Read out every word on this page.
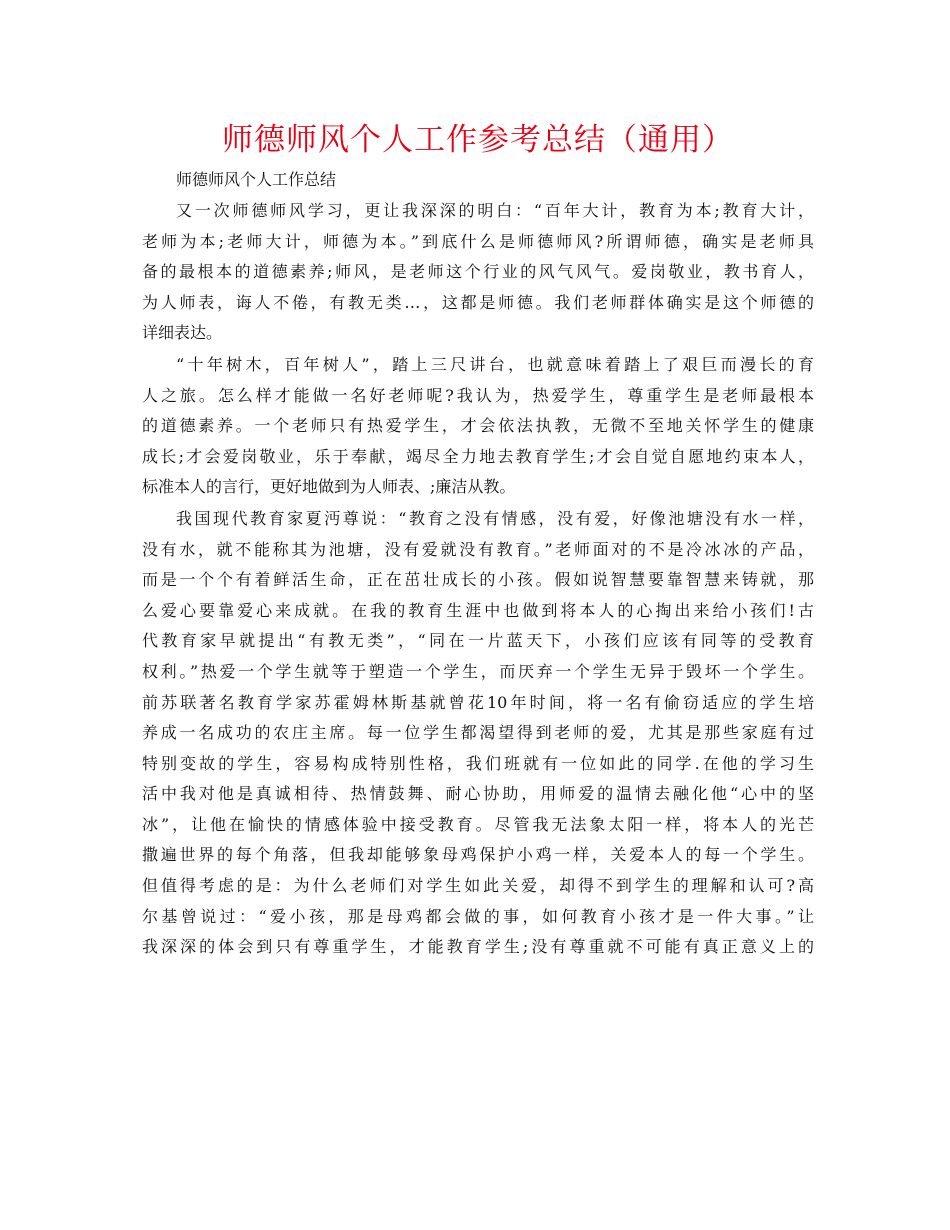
师德师风个人工作参考总结（通用）
师德师风个人工作总结
又一次师德师风学习，更让我深深的明白：“百年大计，教育为本;教育大计，
老师为本;老师大计，师德为本。”到底什么是师德师风?所谓师德，确实是老师具
备的最根本的道德素养;师风，是老师这个行业的风气风气。爱岗敬业，教书育人，
为人师表，诲人不倦，有教无类…，这都是师德。我们老师群体确实是这个师德的
详细表达。
“十年树木，百年树人”，踏上三尺讲台，也就意味着踏上了艰巨而漫长的育
人之旅。怎么样才能做一名好老师呢?我认为，热爱学生，尊重学生是老师最根本
的道德素养。一个老师只有热爱学生，才会依法执教，无微不至地关怀学生的健康
成长;才会爱岗敬业，乐于奉献，竭尽全力地去教育学生;才会自觉自愿地约束本人，
标准本人的言行，更好地做到为人师表、;廉洁从教。
我国现代教育家夏沔尊说：“教育之没有情感，没有爱，好像池塘没有水一样，
没有水，就不能称其为池塘，没有爱就没有教育。”老师面对的不是冷冰冰的产品，
而是一个个有着鲜活生命，正在茁壮成长的小孩。假如说智慧要靠智慧来铸就，那
么爱心要靠爱心来成就。在我的教育生涯中也做到将本人的心掏出来给小孩们!古
代教育家早就提出“有教无类”，“同在一片蓝天下，小孩们应该有同等的受教育
权利。”热爱一个学生就等于塑造一个学生，而厌弃一个学生无异于毁坏一个学生。
前苏联著名教育学家苏霍姆林斯基就曾花10年时间，将一名有偷窃适应的学生培
养成一名成功的农庄主席。每一位学生都渴望得到老师的爱，尤其是那些家庭有过
特别变故的学生，容易构成特别性格，我们班就有一位如此的同学.在他的学习生
活中我对他是真诚相待、热情鼓舞、耐心协助，用师爱的温情去融化他“心中的坚
冰”，让他在愉快的情感体验中接受教育。尽管我无法象太阳一样，将本人的光芒
撒遍世界的每个角落，但我却能够象母鸡保护小鸡一样，关爱本人的每一个学生。
但值得考虑的是：为什么老师们对学生如此关爱，却得不到学生的理解和认可?高
尔基曾说过：“爱小孩，那是母鸡都会做的事，如何教育小孩才是一件大事。”让
我深深的体会到只有尊重学生，才能教育学生;没有尊重就不可能有真正意义上的
